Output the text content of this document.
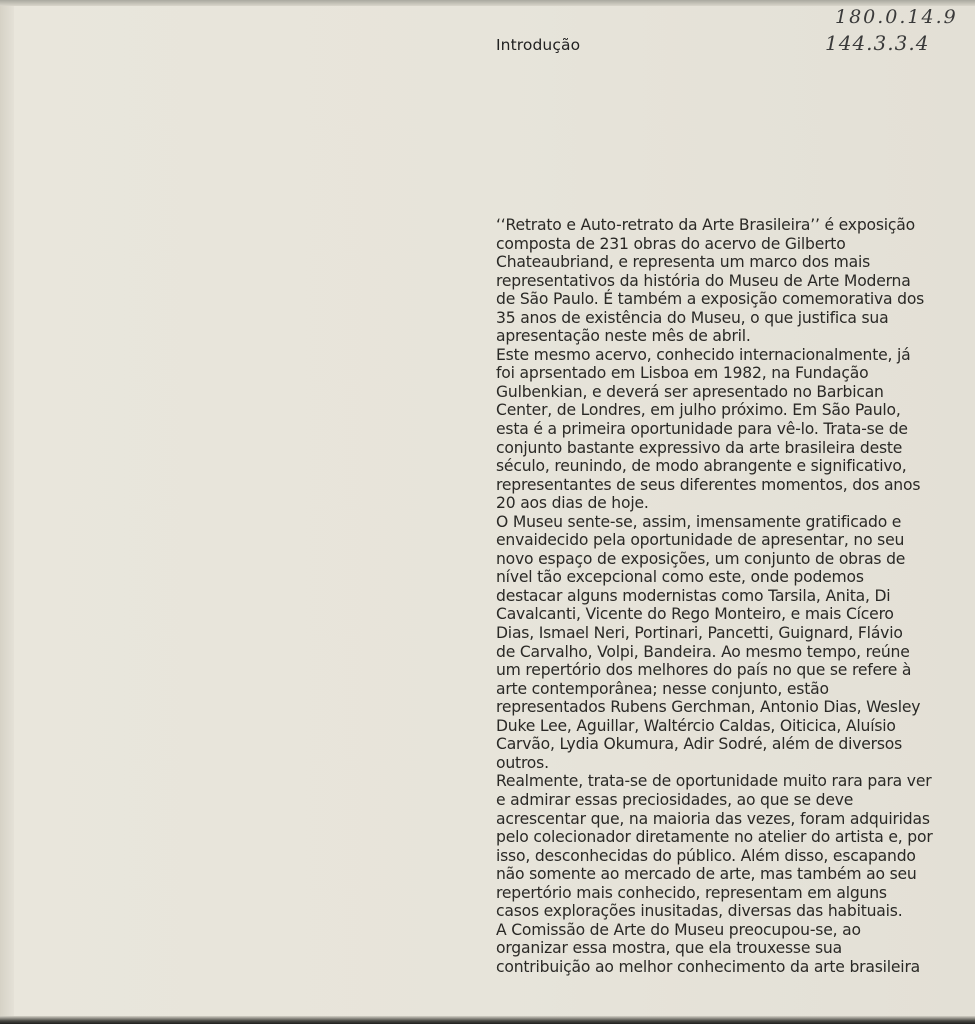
Introdução
180.0.14.9
144.3.3.4
‘‘Retrato e Auto-retrato da Arte Brasileira’’ é exposição
composta de 231 obras do acervo de Gilberto
Chateaubriand, e representa um marco dos mais
representativos da história do Museu de Arte Moderna
de São Paulo. É também a exposição comemorativa dos
35 anos de existência do Museu, o que justifica sua
apresentação neste mês de abril.
Este mesmo acervo, conhecido internacionalmente, já
foi aprsentado em Lisboa em 1982, na Fundação
Gulbenkian, e deverá ser apresentado no Barbican
Center, de Londres, em julho próximo. Em São Paulo,
esta é a primeira oportunidade para vê-lo. Trata-se de
conjunto bastante expressivo da arte brasileira deste
século, reunindo, de modo abrangente e significativo,
representantes de seus diferentes momentos, dos anos
20 aos dias de hoje.
O Museu sente-se, assim, imensamente gratificado e
envaidecido pela oportunidade de apresentar, no seu
novo espaço de exposições, um conjunto de obras de
nível tão excepcional como este, onde podemos
destacar alguns modernistas como Tarsila, Anita, Di
Cavalcanti, Vicente do Rego Monteiro, e mais Cícero
Dias, Ismael Neri, Portinari, Pancetti, Guignard, Flávio
de Carvalho, Volpi, Bandeira. Ao mesmo tempo, reúne
um repertório dos melhores do país no que se refere à
arte contemporânea; nesse conjunto, estão
representados Rubens Gerchman, Antonio Dias, Wesley
Duke Lee, Aguillar, Waltércio Caldas, Oiticica, Aluísio
Carvão, Lydia Okumura, Adir Sodré, além de diversos
outros.
Realmente, trata-se de oportunidade muito rara para ver
e admirar essas preciosidades, ao que se deve
acrescentar que, na maioria das vezes, foram adquiridas
pelo colecionador diretamente no atelier do artista e, por
isso, desconhecidas do público. Além disso, escapando
não somente ao mercado de arte, mas também ao seu
repertório mais conhecido, representam em alguns
casos explorações inusitadas, diversas das habituais.
A Comissão de Arte do Museu preocupou-se, ao
organizar essa mostra, que ela trouxesse sua
contribuição ao melhor conhecimento da arte brasileira
